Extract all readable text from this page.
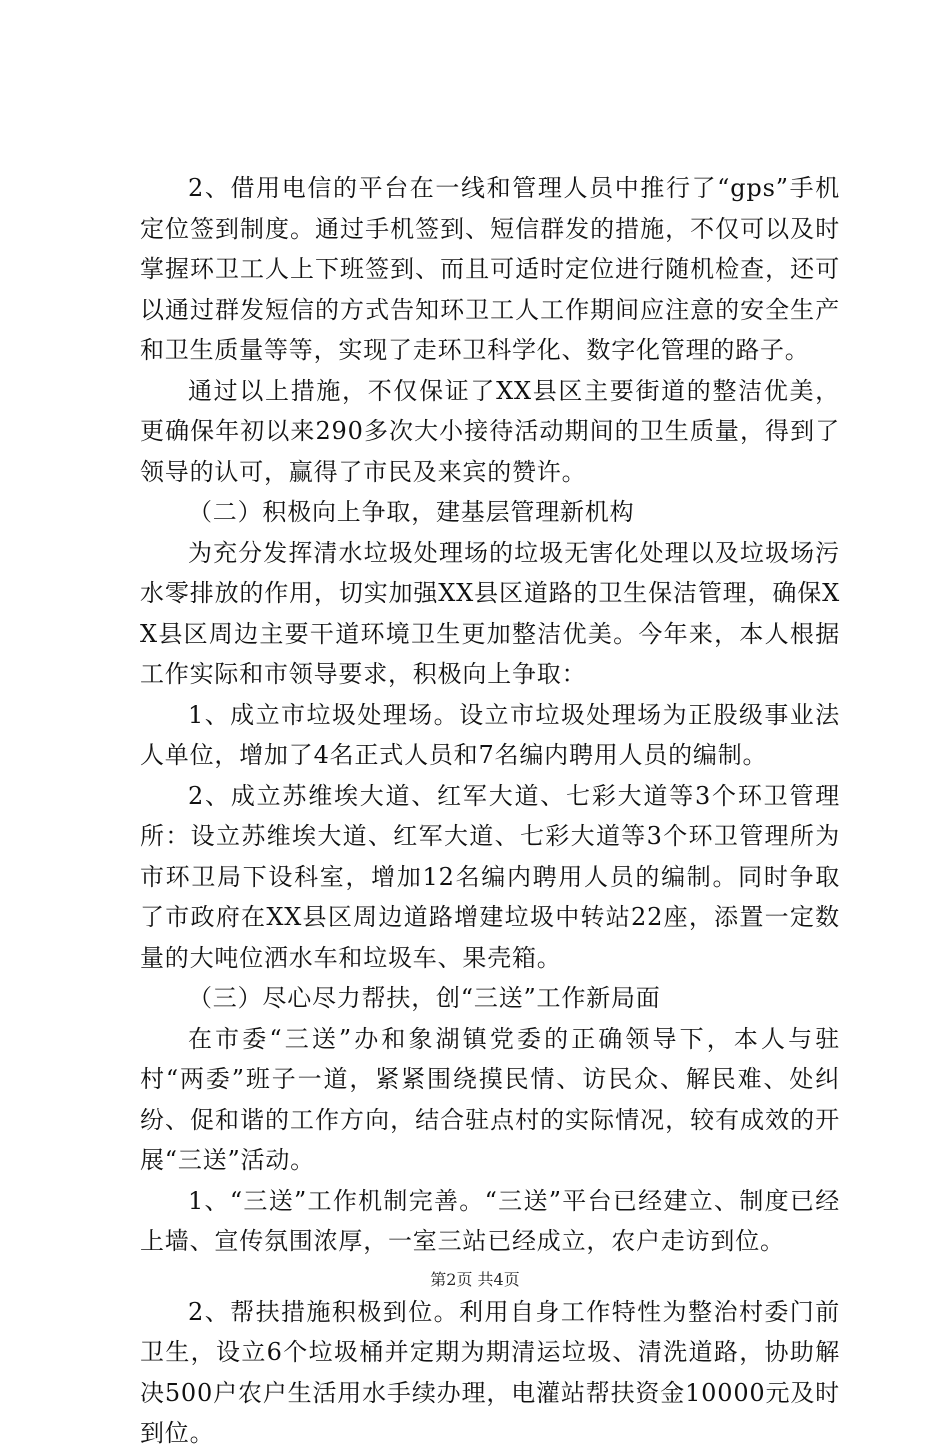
2、借用电信的平台在一线和管理人员中推行了“gps”手机定位签到制度。通过手机签到、短信群发的措施，不仅可以及时掌握环卫工人上下班签到、而且可适时定位进行随机检查，还可以通过群发短信的方式告知环卫工人工作期间应注意的安全生产和卫生质量等等，实现了走环卫科学化、数字化管理的路子。

通过以上措施，不仅保证了XX县区主要街道的整洁优美，更确保年初以来290多次大小接待活动期间的卫生质量，得到了领导的认可，赢得了市民及来宾的赞许。

（二）积极向上争取，建基层管理新机构

为充分发挥清水垃圾处理场的垃圾无害化处理以及垃圾场污水零排放的作用，切实加强XX县区道路的卫生保洁管理，确保XX县区周边主要干道环境卫生更加整洁优美。今年来，本人根据工作实际和市领导要求，积极向上争取：

1、成立市垃圾处理场。设立市垃圾处理场为正股级事业法人单位，增加了4名正式人员和7名编内聘用人员的编制。

2、成立苏维埃大道、红军大道、七彩大道等3个环卫管理所：设立苏维埃大道、红军大道、七彩大道等3个环卫管理所为市环卫局下设科室，增加12名编内聘用人员的编制。同时争取了市政府在XX县区周边道路增建垃圾中转站22座，添置一定数量的大吨位洒水车和垃圾车、果壳箱。

（三）尽心尽力帮扶，创“三送”工作新局面

在市委“三送”办和象湖镇党委的正确领导下，本人与驻村“两委”班子一道，紧紧围绕摸民情、访民众、解民难、处纠纷、促和谐的工作方向，结合驻点村的实际情况，较有成效的开展“三送”活动。

1、“三送”工作机制完善。“三送”平台已经建立、制度已经上墙、宣传氛围浓厚，一室三站已经成立，农户走访到位。

2、帮扶措施积极到位。利用自身工作特性为整治村委门前卫生，设立6个垃圾桶并定期为期清运垃圾、清洗道路，协助解决500户农户生活用水手续办理，电灌站帮扶资金10000元及时到位。

第2页 共4页
